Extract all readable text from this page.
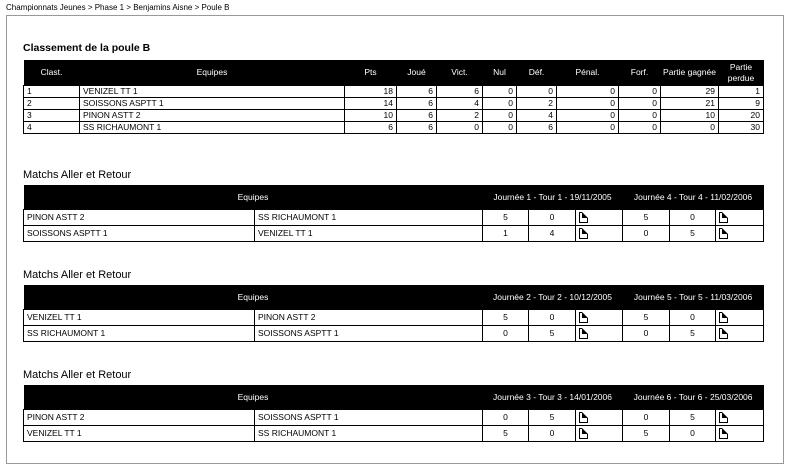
Championnats Jeunes > Phase 1 > Benjamins Aisne > Poule B
Classement de la poule B
Clast.	Equipes	Pts	Joué	Vict.	Nul	Déf.	Pénal.	Forf.	Partie gagnée	Partie perdue
1	VENIZEL TT 1	18	6	6	0	0	0	0	29	1
2	SOISSONS ASPTT 1	14	6	4	0	2	0	0	21	9
3	PINON ASTT 2	10	6	2	0	4	0	0	10	20
4	SS RICHAUMONT 1	6	6	0	0	6	0	0	0	30
Matchs Aller et Retour
Equipes		Journée 1 - Tour 1 - 19/11/2005			Journée 4 - Tour 4 - 11/02/2006		
PINON ASTT 2	SS RICHAUMONT 1	5	0		5	0	
SOISSONS ASPTT 1	VENIZEL TT 1	1	4		0	5	
Matchs Aller et Retour
Equipes		Journée 2 - Tour 2 - 10/12/2005			Journée 5 - Tour 5 - 11/03/2006		
VENIZEL TT 1	PINON ASTT 2	5	0		5	0	
SS RICHAUMONT 1	SOISSONS ASPTT 1	0	5		0	5	
Matchs Aller et Retour
Equipes		Journée 3 - Tour 3 - 14/01/2006			Journée 6 - Tour 6 - 25/03/2006		
PINON ASTT 2	SOISSONS ASPTT 1	0	5		0	5	
VENIZEL TT 1	SS RICHAUMONT 1	5	0		5	0	
